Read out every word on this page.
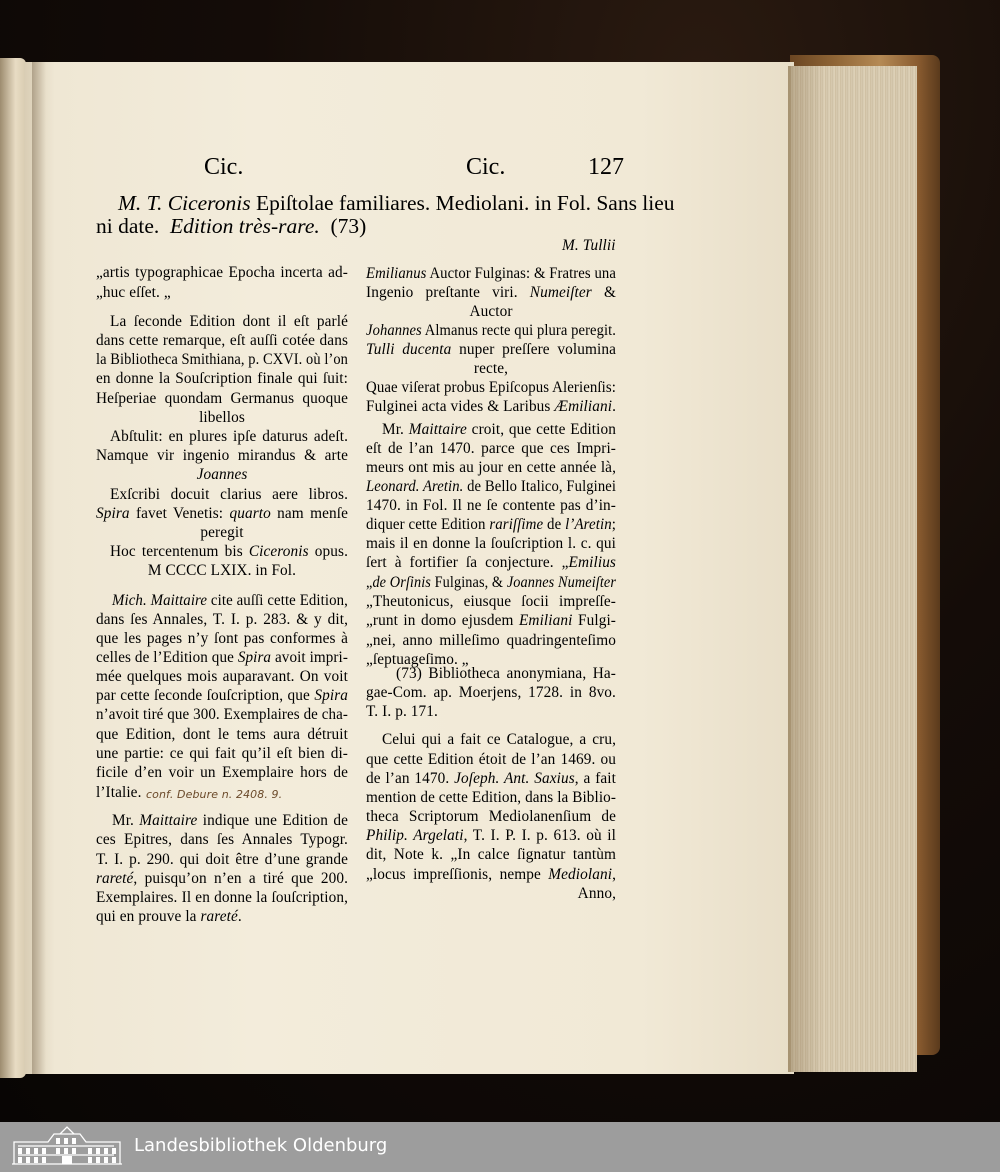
Cic.	Cic.	127
M. T. Ciceronis Epiſtolae familiares. Mediolani. in Fol. Sans lieu
ni date.  Edition très-rare.  (73)
M. Tullii
„artis typographicae Epocha incerta ad-
„huc eſſet. „
La ſeconde Edition dont il eſt parlé
dans cette remarque, eſt auſſi cotée dans
la Bibliotheca Smithiana, p. CXVI. où l’on
en donne la Souſcription finale qui ſuit:
Heſperiae quondam Germanus quoque
libellos
Abſtulit: en plures ipſe daturus adeſt.
Namque vir ingenio mirandus & arte
Joannes
Exſcribi docuit clarius aere libros.
Spira favet Venetis: quarto nam menſe
peregit
Hoc tercentenum bis Ciceronis opus.
M CCCC LXIX. in Fol.
Mich. Maittaire cite auſſi cette Edition,
dans ſes Annales, T. I. p. 283. & y dit,
que les pages n’y ſont pas conformes à
celles de l’Edition que Spira avoit impri-
mée quelques mois auparavant. On voit
par cette ſeconde ſouſcription, que Spira
n’avoit tiré que 300. Exemplaires de cha-
que Edition, dont le tems aura détruit
une partie: ce qui fait qu’il eſt bien di-
ficile d’en voir un Exemplaire hors de
l’Italie.
Mr. Maittaire indique une Edition de
ces Epitres, dans ſes Annales Typogr.
T. I. p. 290. qui doit être d’une grande
rareté, puisqu’on n’en a tiré que 200.
Exemplaires. Il en donne la ſouſcription,
qui en prouve la rareté.
Emilianus Auctor Fulginas: & Fratres una
Ingenio preſtante viri. Numeiſter &
Auctor
Johannes Almanus recte qui plura peregit.
Tulli ducenta nuper preſſere volumina
recte,
Quae viſerat probus Epiſcopus Alerienſis:
Fulginei acta vides & Laribus Æmiliani.
Mr. Maittaire croit, que cette Edition
eſt de l’an 1470. parce que ces Impri-
meurs ont mis au jour en cette année là,
Leonard. Aretin. de Bello Italico, Fulginei
1470. in Fol. Il ne ſe contente pas d’in-
diquer cette Edition rariſſime de l’Aretin;
mais il en donne la ſouſcription l. c. qui
ſert à fortifier ſa conjecture. „Emilius
„de Orſinis Fulginas, & Joannes Numeiſter
„Theutonicus, eiusque ſocii impreſſe-
„runt in domo ejusdem Emiliani Fulgi-
„nei, anno milleſimo quadringenteſimo
„ſeptuageſimo. „
(73) Bibliotheca anonymiana, Ha-
gae-Com. ap. Moerjens, 1728. in 8vo.
T. I. p. 171.
Celui qui a fait ce Catalogue, a cru,
que cette Edition étoit de l’an 1469. ou
de l’an 1470. Joſeph. Ant. Saxius, a fait
mention de cette Edition, dans la Biblio-
theca Scriptorum Mediolanenſium de
Philip. Argelati, T. I. P. I. p. 613. où il
dit, Note k. „In calce ſignatur tantùm
„locus impreſſionis, nempe Mediolani,
Anno,
conf. Debure n. 2408. 9.
Landesbibliothek Oldenburg
